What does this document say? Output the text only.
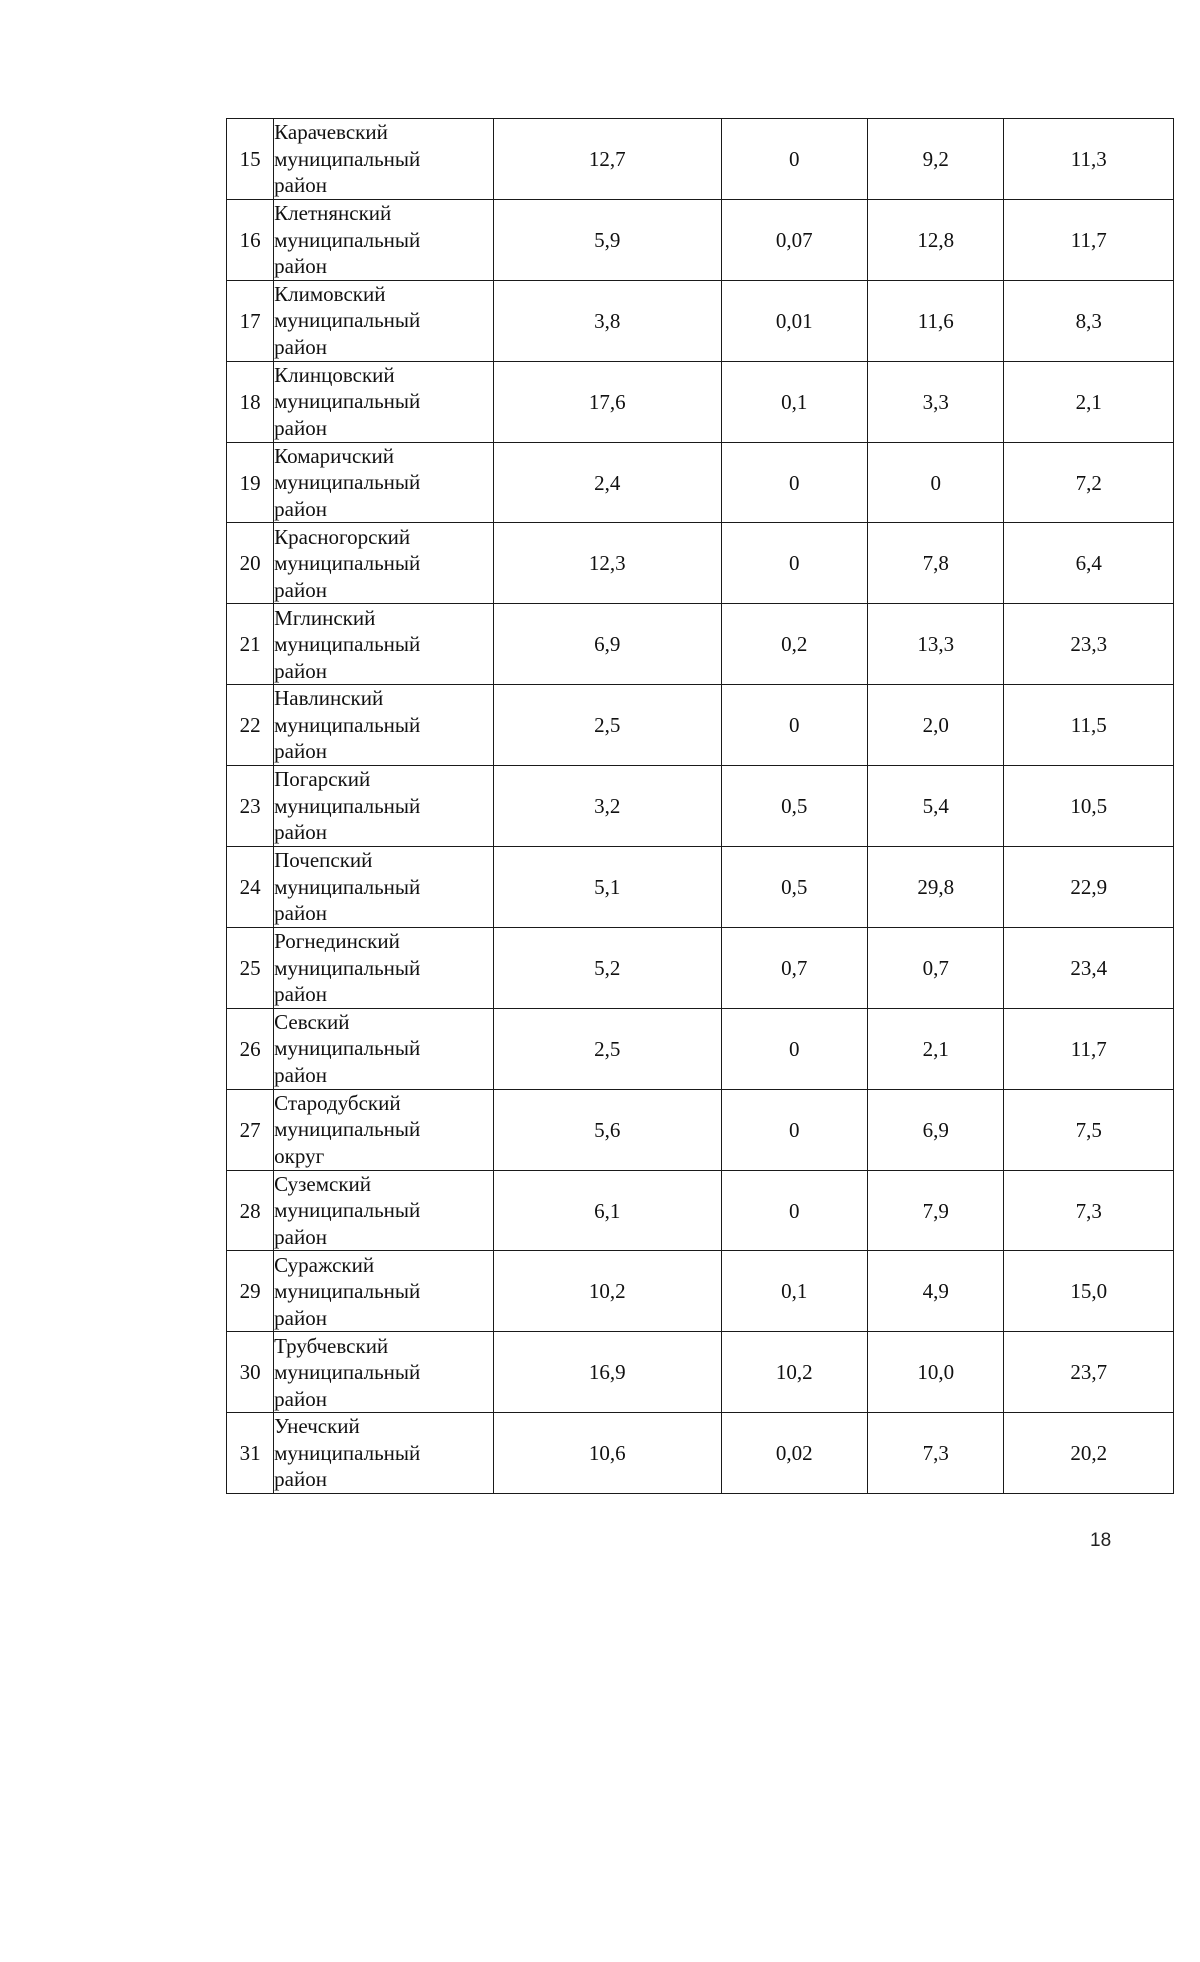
15	Карачевский
муниципальный
район	12,7	0	9,2	11,3
16	Клетнянский
муниципальный
район	5,9	0,07	12,8	11,7
17	Климовский
муниципальный
район	3,8	0,01	11,6	8,3
18	Клинцовский
муниципальный
район	17,6	0,1	3,3	2,1
19	Комаричский
муниципальный
район	2,4	0	0	7,2
20	Красногорский
муниципальный
район	12,3	0	7,8	6,4
21	Мглинский
муниципальный
район	6,9	0,2	13,3	23,3
22	Навлинский
муниципальный
район	2,5	0	2,0	11,5
23	Погарский
муниципальный
район	3,2	0,5	5,4	10,5
24	Почепский
муниципальный
район	5,1	0,5	29,8	22,9
25	Рогнединский
муниципальный
район	5,2	0,7	0,7	23,4
26	Севский
муниципальный
район	2,5	0	2,1	11,7
27	Стародубский
муниципальный
округ	5,6	0	6,9	7,5
28	Суземский
муниципальный
район	6,1	0	7,9	7,3
29	Суражский
муниципальный
район	10,2	0,1	4,9	15,0
30	Трубчевский
муниципальный
район	16,9	10,2	10,0	23,7
31	Унечский
муниципальный
район	10,6	0,02	7,3	20,2
18
